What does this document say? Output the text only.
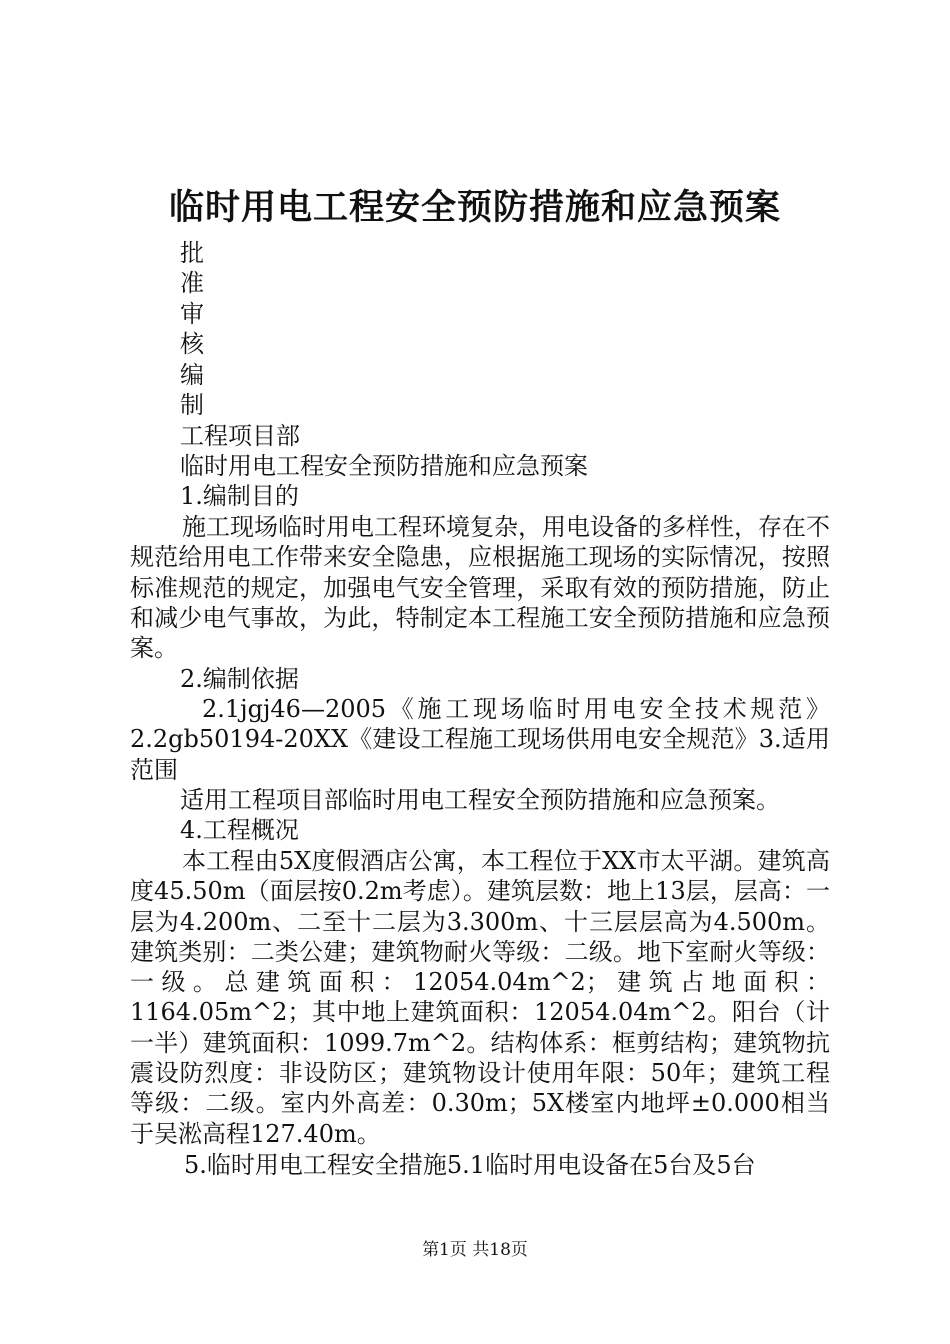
临时用电工程安全预防措施和应急预案

批

准

审

核

编

制

工程项目部

临时用电工程安全预防措施和应急预案

1.编制目的

施工现场临时用电工程环境复杂，用电设备的多样性，存在不规范给用电工作带来安全隐患，应根据施工现场的实际情况，按照标准规范的规定，加强电气安全管理，采取有效的预防措施，防止和减少电气事故，为此，特制定本工程施工安全预防措施和应急预案。

2.编制依据

2.1jgj46—2005《施工现场临时用电安全技术规范》2.2gb50194-20XX《建设工程施工现场供用电安全规范》3.适用范围

适用工程项目部临时用电工程安全预防措施和应急预案。

4.工程概况

本工程由5X度假酒店公寓，本工程位于XX市太平湖。建筑高度45.50m（面层按0.2m考虑）。建筑层数：地上13层，层高：一层为4.200m、二至十二层为3.300m、十三层层高为4.500m。建筑类别：二类公建；建筑物耐火等级：二级。地下室耐火等级：一级。总建筑面积：12054.04m^2；建筑占地面积：1164.05m^2；其中地上建筑面积：12054.04m^2。阳台（计一半）建筑面积：1099.7m^2。结构体系：框剪结构；建筑物抗震设防烈度：非设防区；建筑物设计使用年限：50年；建筑工程等级：二级。室内外高差：0.30m；5X楼室内地坪±0.000相当于吴淞高程127.40m。

5.临时用电工程安全措施5.1临时用电设备在5台及5台

第1页 共18页
